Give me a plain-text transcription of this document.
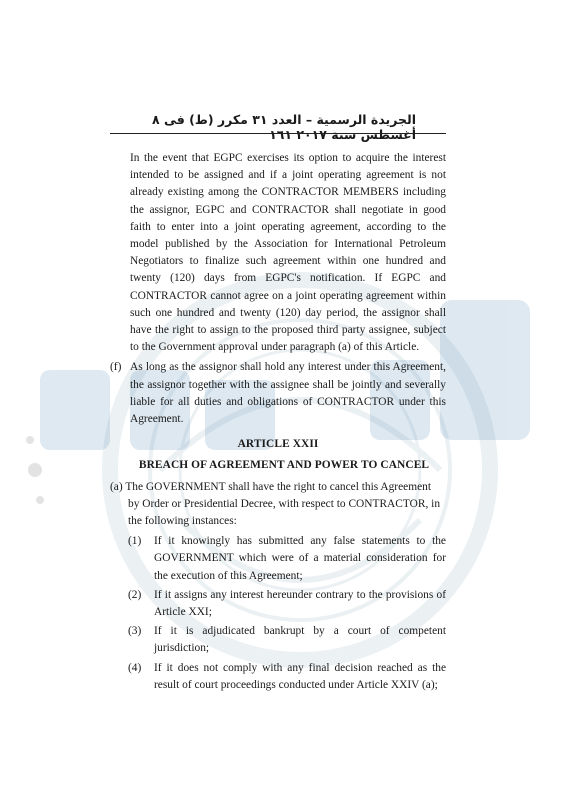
الجريدة الرسمية – العدد ٣١ مكرر (ط) فى ٨ أغسطس سنة ٢٠١٧ ١٦١
In the event that EGPC exercises its option to acquire the interest intended to be assigned and if a joint operating agreement is not already existing among the CONTRACTOR MEMBERS including the assignor, EGPC and CONTRACTOR shall negotiate in good faith to enter into a joint operating agreement, according to the model published by the Association for International Petroleum Negotiators to finalize such agreement within one hundred and twenty (120) days from EGPC's notification. If EGPC and CONTRACTOR cannot agree on a joint operating agreement within such one hundred and twenty (120) day period, the assignor shall have the right to assign to the proposed third party assignee, subject to the Government approval under paragraph (a) of this Article.
(f) As long as the assignor shall hold any interest under this Agreement, the assignor together with the assignee shall be jointly and severally liable for all duties and obligations of CONTRACTOR under this Agreement.
ARTICLE XXII
BREACH OF AGREEMENT AND POWER TO CANCEL
(a) The GOVERNMENT shall have the right to cancel this Agreement
by Order or Presidential Decree, with respect to CONTRACTOR, in the following instances:
(1) If it knowingly has submitted any false statements to the GOVERNMENT which were of a material consideration for the execution of this Agreement;
(2) If it assigns any interest hereunder contrary to the provisions of Article XXI;
(3) If it is adjudicated bankrupt by a court of competent jurisdiction;
(4) If it does not comply with any final decision reached as the result of court proceedings conducted under Article XXIV (a);
